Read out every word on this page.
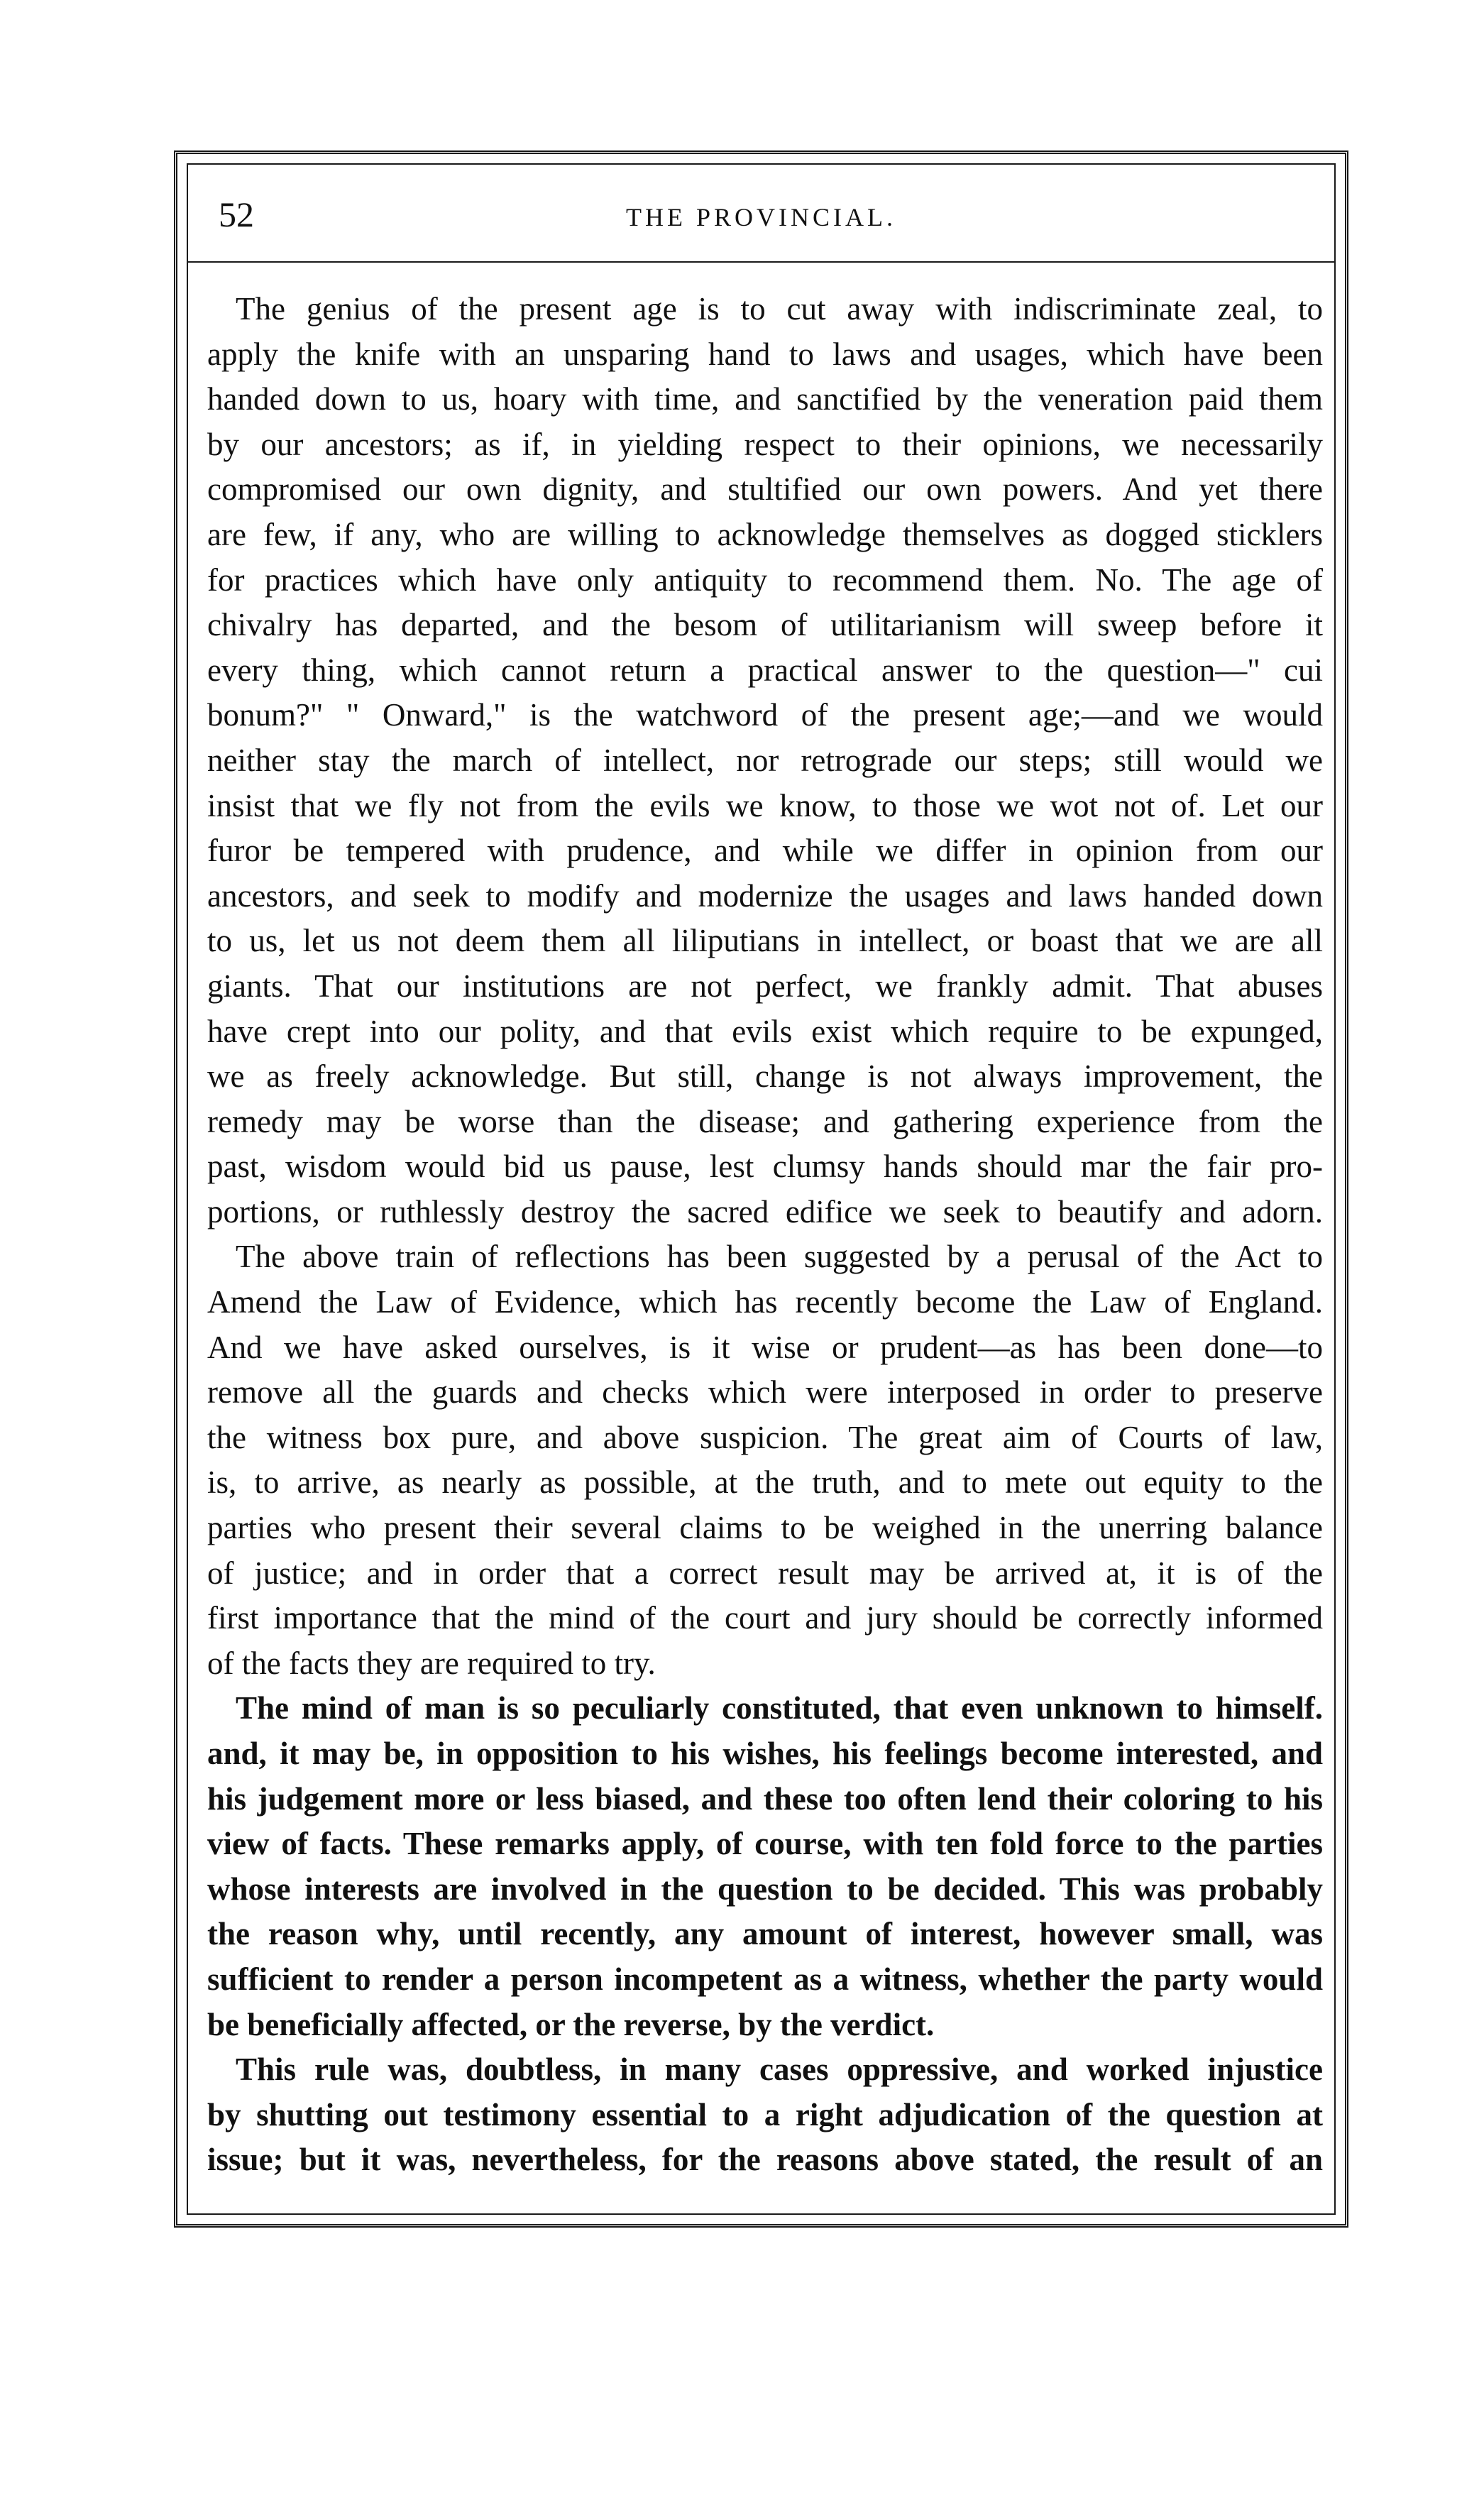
52	THE PROVINCIAL.
The genius of the present age is to cut away with indiscriminate zeal, to
apply the knife with an unsparing hand to laws and usages, which have been
handed down to us, hoary with time, and sanctified by the veneration paid them
by our ancestors; as if, in yielding respect to their opinions, we necessarily
compromised our own dignity, and stultified our own powers. And yet there
are few, if any, who are willing to acknowledge themselves as dogged sticklers
for practices which have only antiquity to recommend them. No. The age of
chivalry has departed, and the besom of utilitarianism will sweep before it
every thing, which cannot return a practical answer to the question—" cui
bonum?" " Onward," is the watchword of the present age;—and we would
neither stay the march of intellect, nor retrograde our steps; still would we
insist that we fly not from the evils we know, to those we wot not of. Let our
furor be tempered with prudence, and while we differ in opinion from our
ancestors, and seek to modify and modernize the usages and laws handed down
to us, let us not deem them all liliputians in intellect, or boast that we are all
giants. That our institutions are not perfect, we frankly admit. That abuses
have crept into our polity, and that evils exist which require to be expunged,
we as freely acknowledge. But still, change is not always improvement, the
remedy may be worse than the disease; and gathering experience from the
past, wisdom would bid us pause, lest clumsy hands should mar the fair pro-
portions, or ruthlessly destroy the sacred edifice we seek to beautify and adorn.
The above train of reflections has been suggested by a perusal of the Act to
Amend the Law of Evidence, which has recently become the Law of England.
And we have asked ourselves, is it wise or prudent—as has been done—to
remove all the guards and checks which were interposed in order to preserve
the witness box pure, and above suspicion. The great aim of Courts of law,
is, to arrive, as nearly as possible, at the truth, and to mete out equity to the
parties who present their several claims to be weighed in the unerring balance
of justice; and in order that a correct result may be arrived at, it is of the
first importance that the mind of the court and jury should be correctly informed
of the facts they are required to try.
The mind of man is so peculiarly constituted, that even unknown to himself.
and, it may be, in opposition to his wishes, his feelings become interested, and
his judgement more or less biased, and these too often lend their coloring to his
view of facts. These remarks apply, of course, with ten fold force to the parties
whose interests are involved in the question to be decided. This was probably
the reason why, until recently, any amount of interest, however small, was
sufficient to render a person incompetent as a witness, whether the party would
be beneficially affected, or the reverse, by the verdict.
This rule was, doubtless, in many cases oppressive, and worked injustice
by shutting out testimony essential to a right adjudication of the question at
issue; but it was, nevertheless, for the reasons above stated, the result of an
